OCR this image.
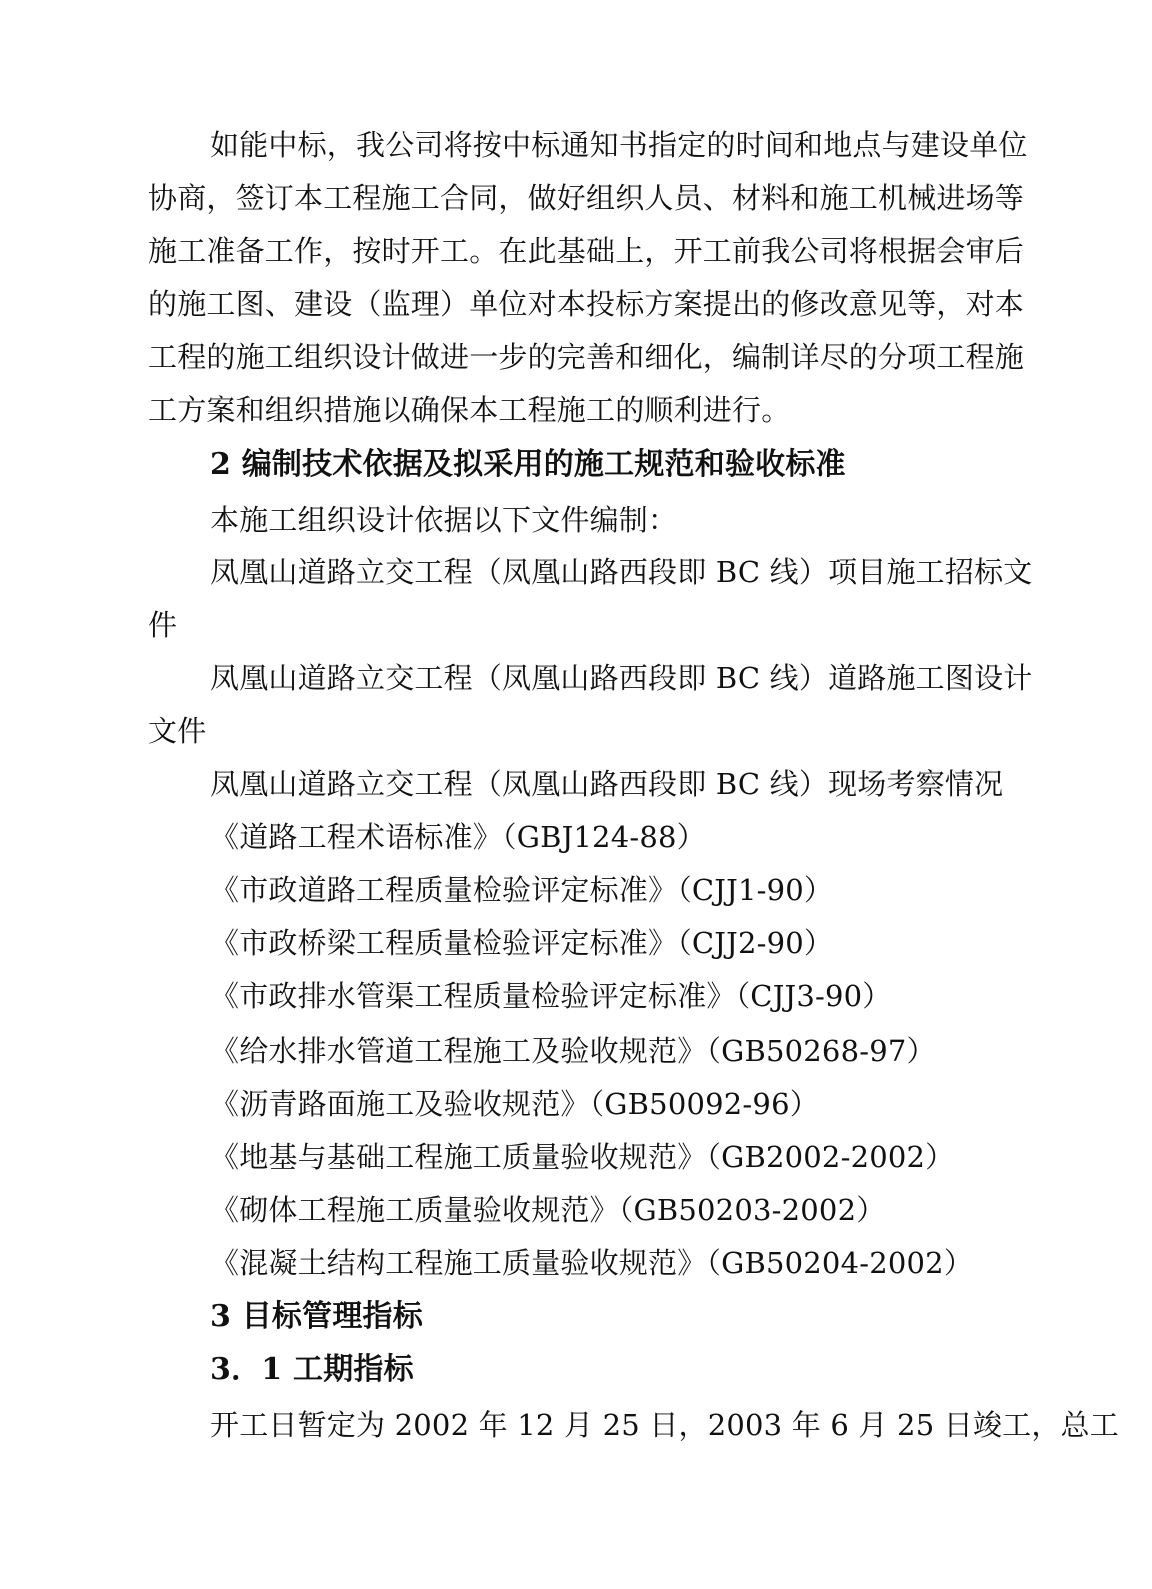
如能中标，我公司将按中标通知书指定的时间和地点与建设单位
协商，签订本工程施工合同，做好组织人员、材料和施工机械进场等
施工准备工作，按时开工。在此基础上，开工前我公司将根据会审后
的施工图、建设（监理）单位对本投标方案提出的修改意见等，对本
工程的施工组织设计做进一步的完善和细化，编制详尽的分项工程施
工方案和组织措施以确保本工程施工的顺利进行。
2 编制技术依据及拟采用的施工规范和验收标准
本施工组织设计依据以下文件编制：
凤凰山道路立交工程（凤凰山路西段即 BC 线）项目施工招标文
件
凤凰山道路立交工程（凤凰山路西段即 BC 线）道路施工图设计
文件
凤凰山道路立交工程（凤凰山路西段即 BC 线）现场考察情况
《道路工程术语标准》（GBJ124-88）
《市政道路工程质量检验评定标准》（CJJ1-90）
《市政桥梁工程质量检验评定标准》（CJJ2-90）
《市政排水管渠工程质量检验评定标准》（CJJ3-90）
《给水排水管道工程施工及验收规范》（GB50268-97）
《沥青路面施工及验收规范》（GB50092-96）
《地基与基础工程施工质量验收规范》（GB2002-2002）
《砌体工程施工质量验收规范》（GB50203-2002）
《混凝土结构工程施工质量验收规范》（GB50204-2002）
3 目标管理指标
3．1 工期指标
开工日暂定为 2002 年 12 月 25 日，2003 年 6 月 25 日竣工，总工
